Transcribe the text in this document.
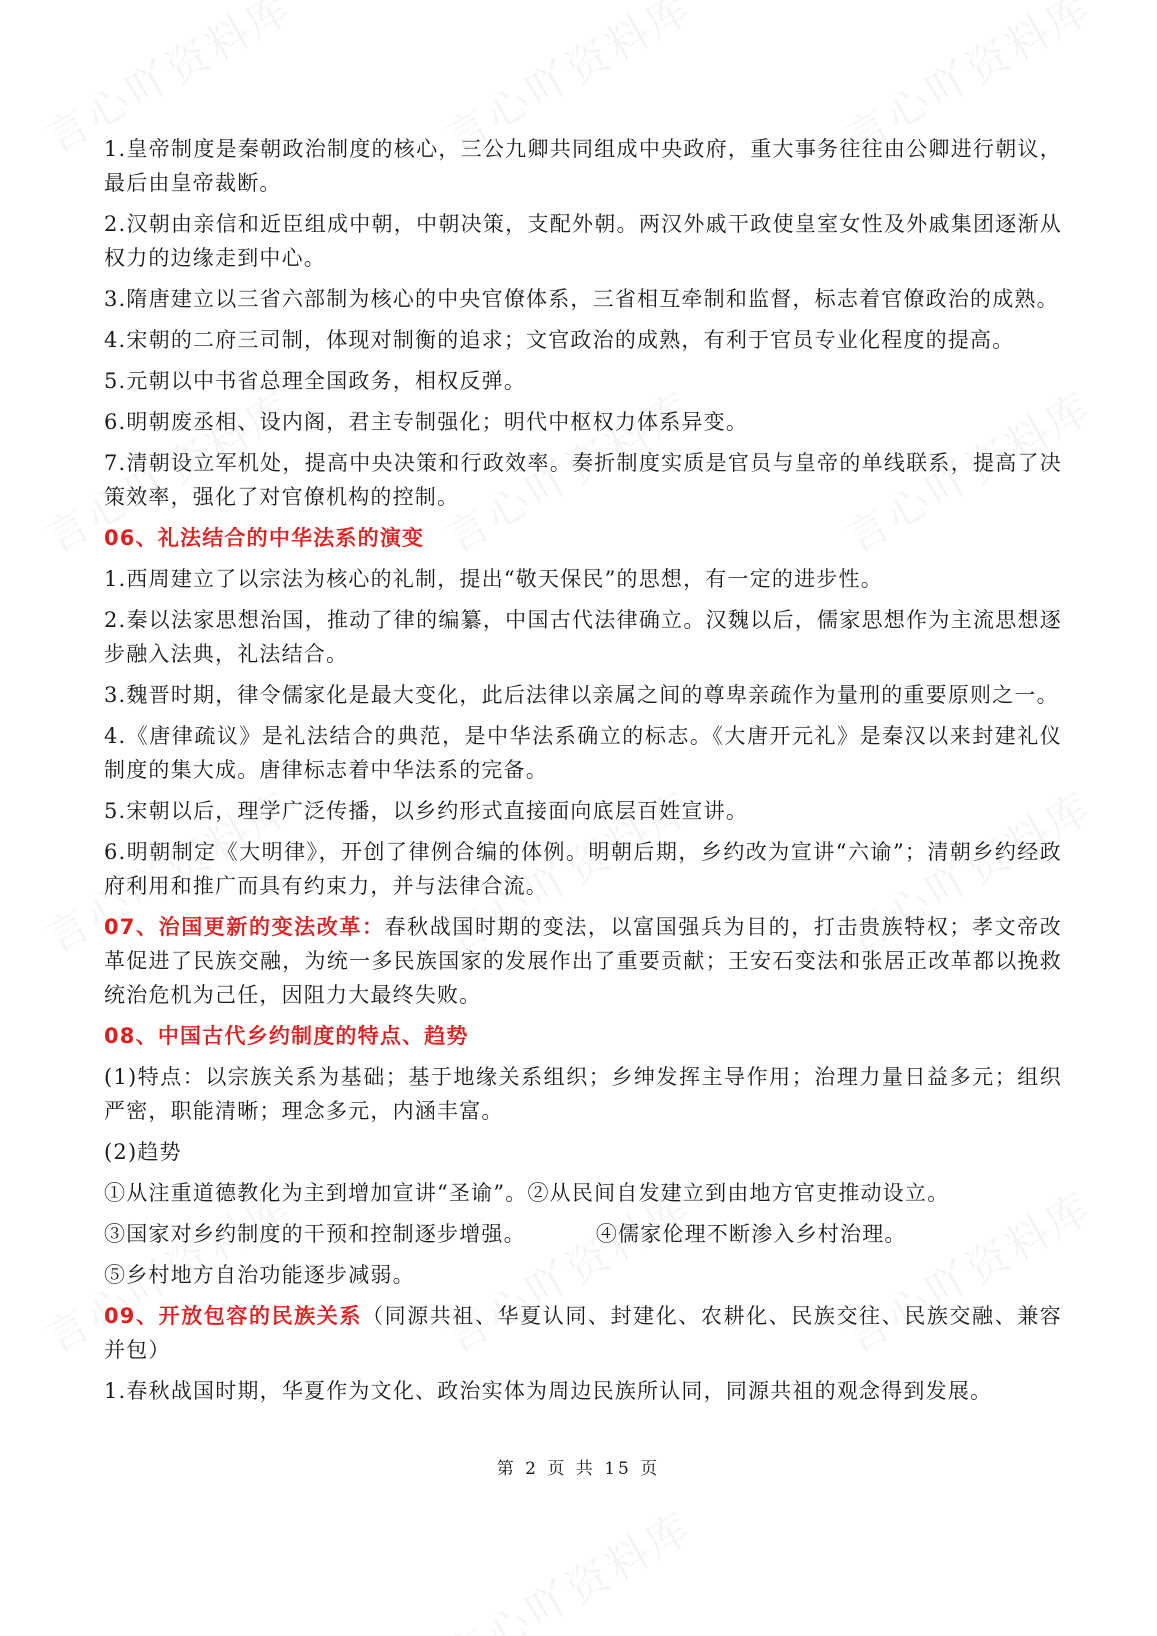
1.皇帝制度是秦朝政治制度的核心，三公九卿共同组成中央政府，重大事务往往由公卿进行朝议，最后由皇帝裁断。

2.汉朝由亲信和近臣组成中朝，中朝决策，支配外朝。两汉外戚干政使皇室女性及外戚集团逐渐从权力的边缘走到中心。

3.隋唐建立以三省六部制为核心的中央官僚体系，三省相互牵制和监督，标志着官僚政治的成熟。

4.宋朝的二府三司制，体现对制衡的追求；文官政治的成熟，有利于官员专业化程度的提高。

5.元朝以中书省总理全国政务，相权反弹。

6.明朝废丞相、设内阁，君主专制强化；明代中枢权力体系异变。

7.清朝设立军机处，提高中央决策和行政效率。奏折制度实质是官员与皇帝的单线联系，提高了决策效率，强化了对官僚机构的控制。

06、礼法结合的中华法系的演变

1.西周建立了以宗法为核心的礼制，提出“敬天保民”的思想，有一定的进步性。

2.秦以法家思想治国，推动了律的编纂，中国古代法律确立。汉魏以后，儒家思想作为主流思想逐步融入法典，礼法结合。

3.魏晋时期，律令儒家化是最大变化，此后法律以亲属之间的尊卑亲疏作为量刑的重要原则之一。

4.《唐律疏议》是礼法结合的典范，是中华法系确立的标志。《大唐开元礼》是秦汉以来封建礼仪制度的集大成。唐律标志着中华法系的完备。

5.宋朝以后，理学广泛传播，以乡约形式直接面向底层百姓宣讲。

6.明朝制定《大明律》，开创了律例合编的体例。明朝后期，乡约改为宣讲“六谕”；清朝乡约经政府利用和推广而具有约束力，并与法律合流。

07、治国更新的变法改革：春秋战国时期的变法，以富国强兵为目的，打击贵族特权；孝文帝改革促进了民族交融，为统一多民族国家的发展作出了重要贡献；王安石变法和张居正改革都以挽救统治危机为己任，因阻力大最终失败。

08、中国古代乡约制度的特点、趋势

(1)特点：以宗族关系为基础；基于地缘关系组织；乡绅发挥主导作用；治理力量日益多元；组织严密，职能清晰；理念多元，内涵丰富。

(2)趋势

①从注重道德教化为主到增加宣讲“圣谕”。②从民间自发建立到由地方官吏推动设立。

③国家对乡约制度的干预和控制逐步增强。	④儒家伦理不断渗入乡村治理。

⑤乡村地方自治功能逐步减弱。

09、开放包容的民族关系（同源共祖、华夏认同、封建化、农耕化、民族交往、民族交融、兼容并包）

1.春秋战国时期，华夏作为文化、政治实体为周边民族所认同，同源共祖的观念得到发展。

第 2 页 共 15 页
